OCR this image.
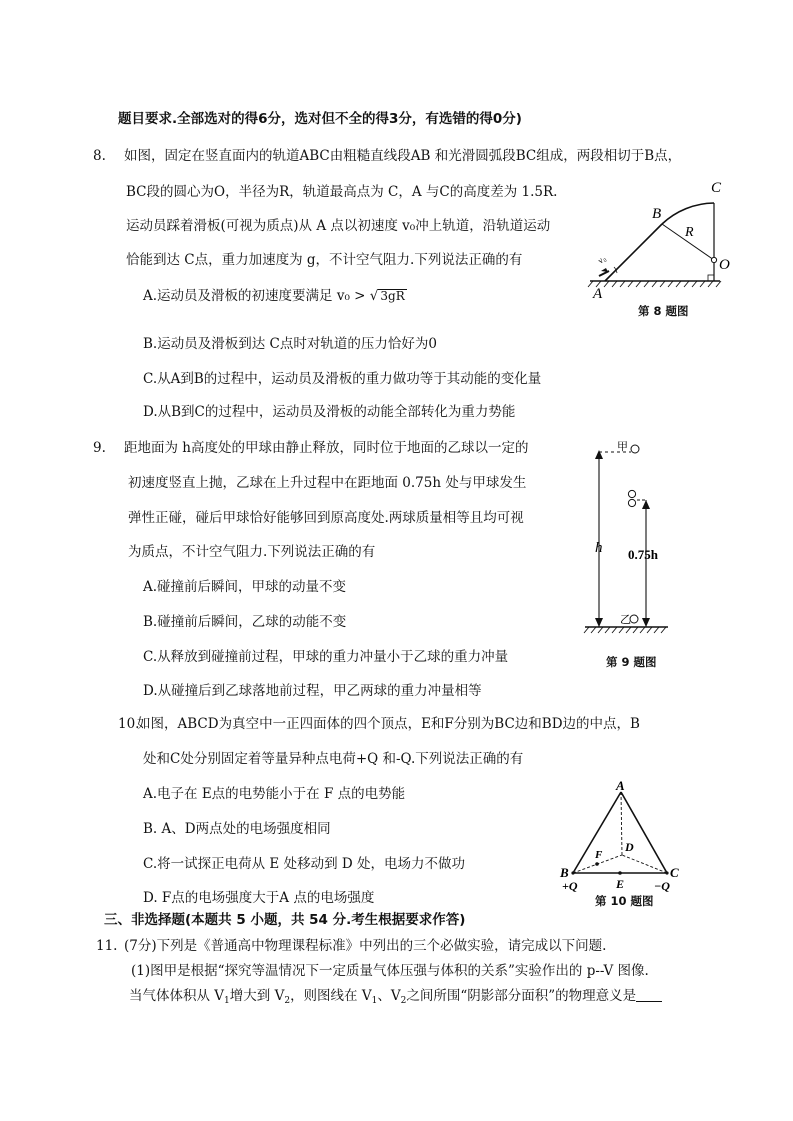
题目要求.全部选对的得6分，选对但不全的得3分，有选错的得0分)
8. 如图，固定在竖直面内的轨道ABC由粗糙直线段AB 和光滑圆弧段BC组成，两段相切于B点，
BC段的圆心为O，半径为R，轨道最高点为 C，A 与C的高度差为 1.5R.
运动员踩着滑板(可视为质点)从 A 点以初速度 v₀冲上轨道，沿轨道运动
恰能到达 C点，重力加速度为 g，不计空气阻力.下列说法正确的有
A.运动员及滑板的初速度要满足 v₀ > √ 3gR
B.运动员及滑板到达 C点时对轨道的压力恰好为0
C.从A到B的过程中，运动员及滑板的重力做功等于其动能的变化量
D.从B到C的过程中，运动员及滑板的动能全部转化为重力势能
A
B
C
O
R
v₀
第 8 题图
9. 距地面为 h高度处的甲球由静止释放，同时位于地面的乙球以一定的
初速度竖直上抛，乙球在上升过程中在距地面 0.75h 处与甲球发生
弹性正碰，碰后甲球恰好能够回到原高度处.两球质量相等且均可视
为质点，不计空气阻力.下列说法正确的有
A.碰撞前后瞬间，甲球的动量不变
B.碰撞前后瞬间，乙球的动能不变
C.从释放到碰撞前过程，甲球的重力冲量小于乙球的重力冲量
D.从碰撞后到乙球落地前过程，甲乙两球的重力冲量相等
甲
乙
h 0.75h
第 9 题图
10.
如图，ABCD为真空中一正四面体的四个顶点，E和F分别为BC边和BD边的中点，B
处和C处分别固定着等量异种点电荷+Q 和-Q.下列说法正确的有
A.电子在 E点的电势能小于在 F 点的电势能
B. A、D两点处的电场强度相同
C.将一试探正电荷从 E 处移动到 D 处，电场力不做功
D. F点的电场强度大于A 点的电场强度
A
B	C
D
E
F
+Q	−Q
第 10 题图
三、非选择题(本题共 5 小题，共 54 分.考生根据要求作答)
11. (7分)下列是《普通高中物理课程标准》中列出的三个必做实验，请完成以下问题.
(1)图甲是根据“探究等温情况下一定质量气体压强与体积的关系”实验作出的 p--V 图像.
当气体体积从 $V_1$增大到 $V_2$，则图线在 $V_1$、$V_2$之间所围“阴影部分面积”的物理意义是
